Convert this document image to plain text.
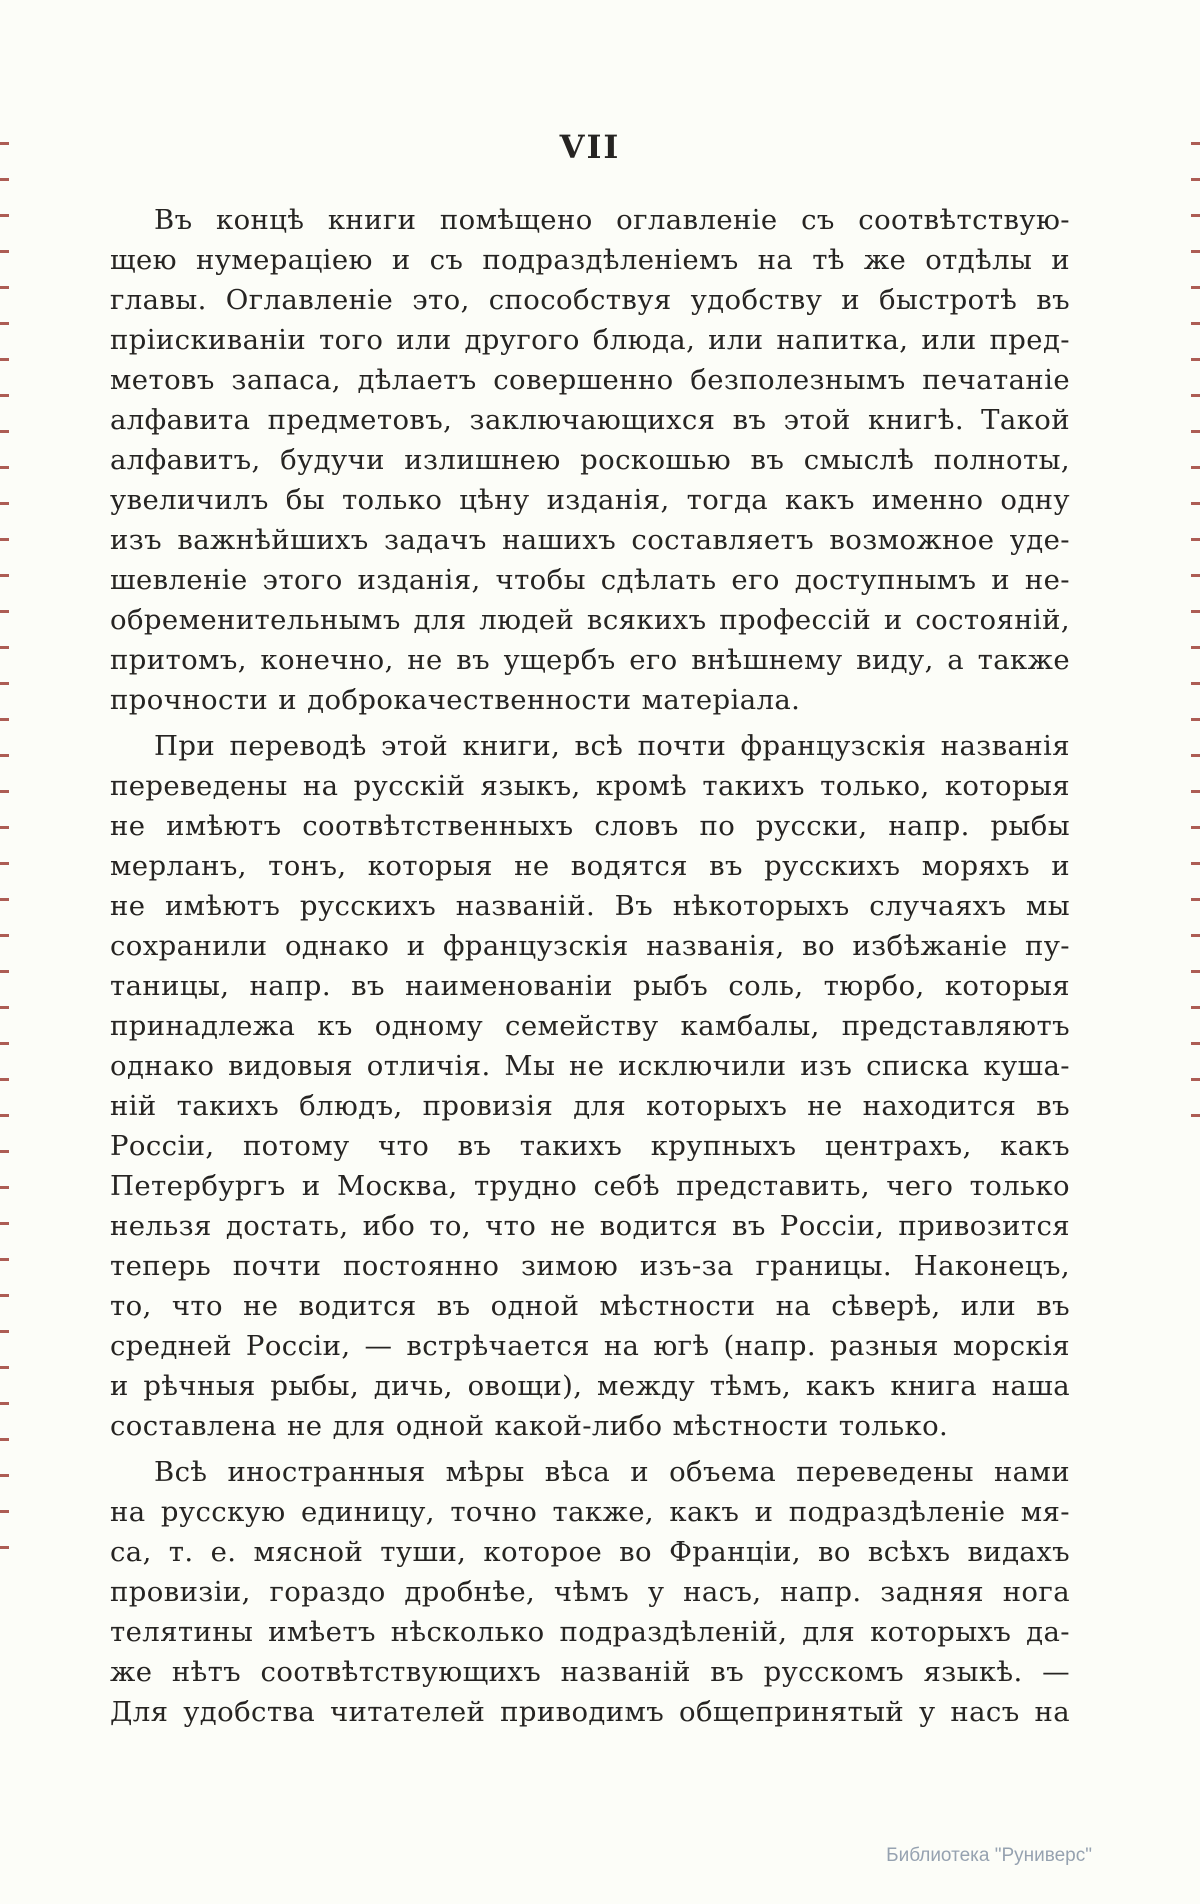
VII

Въ концѣ книги помѣщено оглавленіе съ соотвѣтствую-
щею нумераціею и съ подраздѣленіемъ на тѣ же отдѣлы и
главы. Оглавленіе это, способствуя удобству и быстротѣ въ
пріискиваніи того или другого блюда, или напитка, или пред-
метовъ запаса, дѣлаетъ совершенно безполезнымъ печатаніе
алфавита предметовъ, заключающихся въ этой книгѣ. Такой
алфавитъ, будучи излишнею роскошью въ смыслѣ полноты,
увеличилъ бы только цѣну изданія, тогда какъ именно одну
изъ важнѣйшихъ задачъ нашихъ составляетъ возможное уде-
шевленіе этого изданія, чтобы сдѣлать его доступнымъ и не-
обременительнымъ для людей всякихъ профессій и состояній,
притомъ, конечно, не въ ущербъ его внѣшнему виду, а также
прочности и доброкачественности матеріала.

При переводѣ этой книги, всѣ почти французскія названія
переведены на русскій языкъ, кромѣ такихъ только, которыя
не имѣютъ соотвѣтственныхъ словъ по русски, напр. рыбы
мерланъ, тонъ, которыя не водятся въ русскихъ моряхъ и
не имѣютъ русскихъ названій. Въ нѣкоторыхъ случаяхъ мы
сохранили однако и французскія названія, во избѣжаніе пу-
таницы, напр. въ наименованіи рыбъ соль, тюрбо, которыя
принадлежа къ одному семейству камбалы, представляютъ
однако видовыя отличія. Мы не исключили изъ списка куша-
ній такихъ блюдъ, провизія для которыхъ не находится въ
Россіи, потому что въ такихъ крупныхъ центрахъ, какъ
Петербургъ и Москва, трудно себѣ представить, чего только
нельзя достать, ибо то, что не водится въ Россіи, привозится
теперь почти постоянно зимою изъ-за границы. Наконецъ,
то, что не водится въ одной мѣстности на сѣверѣ, или въ
средней Россіи, — встрѣчается на югѣ (напр. разныя морскія
и рѣчныя рыбы, дичь, овощи), между тѣмъ, какъ книга наша
составлена не для одной какой-либо мѣстности только.

Всѣ иностранныя мѣры вѣса и объема переведены нами
на русскую единицу, точно также, какъ и подраздѣленіе мя-
са, т. е. мясной туши, которое во Франціи, во всѣхъ видахъ
провизіи, гораздо дробнѣе, чѣмъ у насъ, напр. задняя нога
телятины имѣетъ нѣсколько подраздѣленій, для которыхъ да-
же нѣтъ соотвѣтствующихъ названій въ русскомъ языкѣ. —
Для удобства читателей приводимъ общепринятый у насъ на

Библиотека "Руниверс"
